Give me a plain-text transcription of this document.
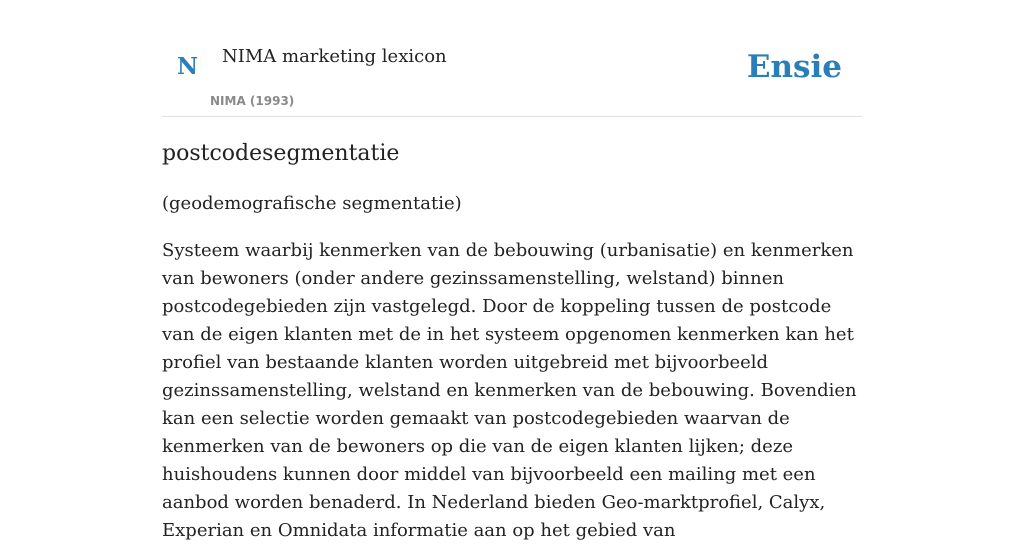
N NIMA marketing lexicon
NIMA (1993)
Ensie
postcodesegmentatie

(geodemografische segmentatie)

Systeem waarbij kenmerken van de bebouwing (urbanisatie) en kenmerken van bewoners (onder andere gezinssamenstelling, welstand) binnen postcodegebieden zijn vastgelegd. Door de koppeling tussen de postcode van de eigen klanten met de in het systeem opgenomen kenmerken kan het profiel van bestaande klanten worden uitgebreid met bijvoorbeeld gezinssamenstelling, welstand en kenmerken van de bebouwing. Bovendien kan een selectie worden gemaakt van postcodegebieden waarvan de kenmerken van de bewoners op die van de eigen klanten lijken; deze huishoudens kunnen door middel van bijvoorbeeld een mailing met een aanbod worden benaderd. In Nederland bieden Geo-marktprofiel, Calyx, Experian en Omnidata informatie aan op het gebied van
